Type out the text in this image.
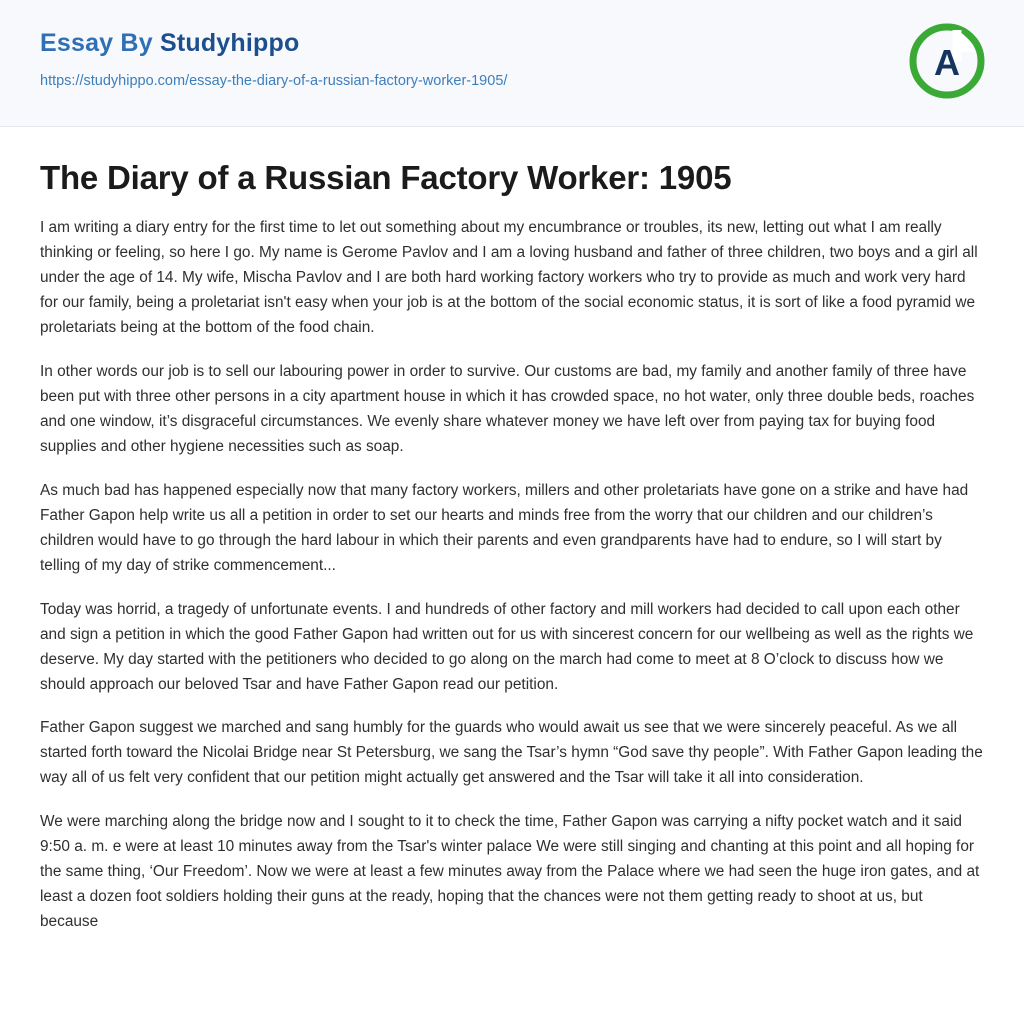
Essay By Studyhippo
https://studyhippo.com/essay-the-diary-of-a-russian-factory-worker-1905/	A
The Diary of a Russian Factory Worker: 1905

I am writing a diary entry for the first time to let out something about my encumbrance or troubles, its new, letting out what I am really thinking or feeling, so here I go. My name is Gerome Pavlov and I am a loving husband and father of three children, two boys and a girl all under the age of 14. My wife, Mischa Pavlov and I are both hard working factory workers who try to provide as much and work very hard for our family, being a proletariat isn't easy when your job is at the bottom of the social economic status, it is sort of like a food pyramid we proletariats being at the bottom of the food chain.

In other words our job is to sell our labouring power in order to survive. Our customs are bad, my family and another family of three have been put with three other persons in a city apartment house in which it has crowded space, no hot water, only three double beds, roaches and one window, it’s disgraceful circumstances. We evenly share whatever money we have left over from paying tax for buying food supplies and other hygiene necessities such as soap.

As much bad has happened especially now that many factory workers, millers and other proletariats have gone on a strike and have had Father Gapon help write us all a petition in order to set our hearts and minds free from the worry that our children and our children’s children would have to go through the hard labour in which their parents and even grandparents have had to endure, so I will start by telling of my day of strike commencement...

Today was horrid, a tragedy of unfortunate events. I and hundreds of other factory and mill workers had decided to call upon each other and sign a petition in which the good Father Gapon had written out for us with sincerest concern for our wellbeing as well as the rights we deserve. My day started with the petitioners who decided to go along on the march had come to meet at 8 O’clock to discuss how we should approach our beloved Tsar and have Father Gapon read our petition.

Father Gapon suggest we marched and sang humbly for the guards who would await us see that we were sincerely peaceful. As we all started forth toward the Nicolai Bridge near St Petersburg, we sang the Tsar’s hymn “God save thy people”. With Father Gapon leading the way all of us felt very confident that our petition might actually get answered and the Tsar will take it all into consideration.

We were marching along the bridge now and I sought to it to check the time, Father Gapon was carrying a nifty pocket watch and it said 9:50 a. m. e were at least 10 minutes away from the Tsar's winter palace We were still singing and chanting at this point and all hoping for the same thing, ‘Our Freedom’. Now we were at least a few minutes away from the Palace where we had seen the huge iron gates, and at least a dozen foot soldiers holding their guns at the ready, hoping that the chances were not them getting ready to shoot at us, but because
